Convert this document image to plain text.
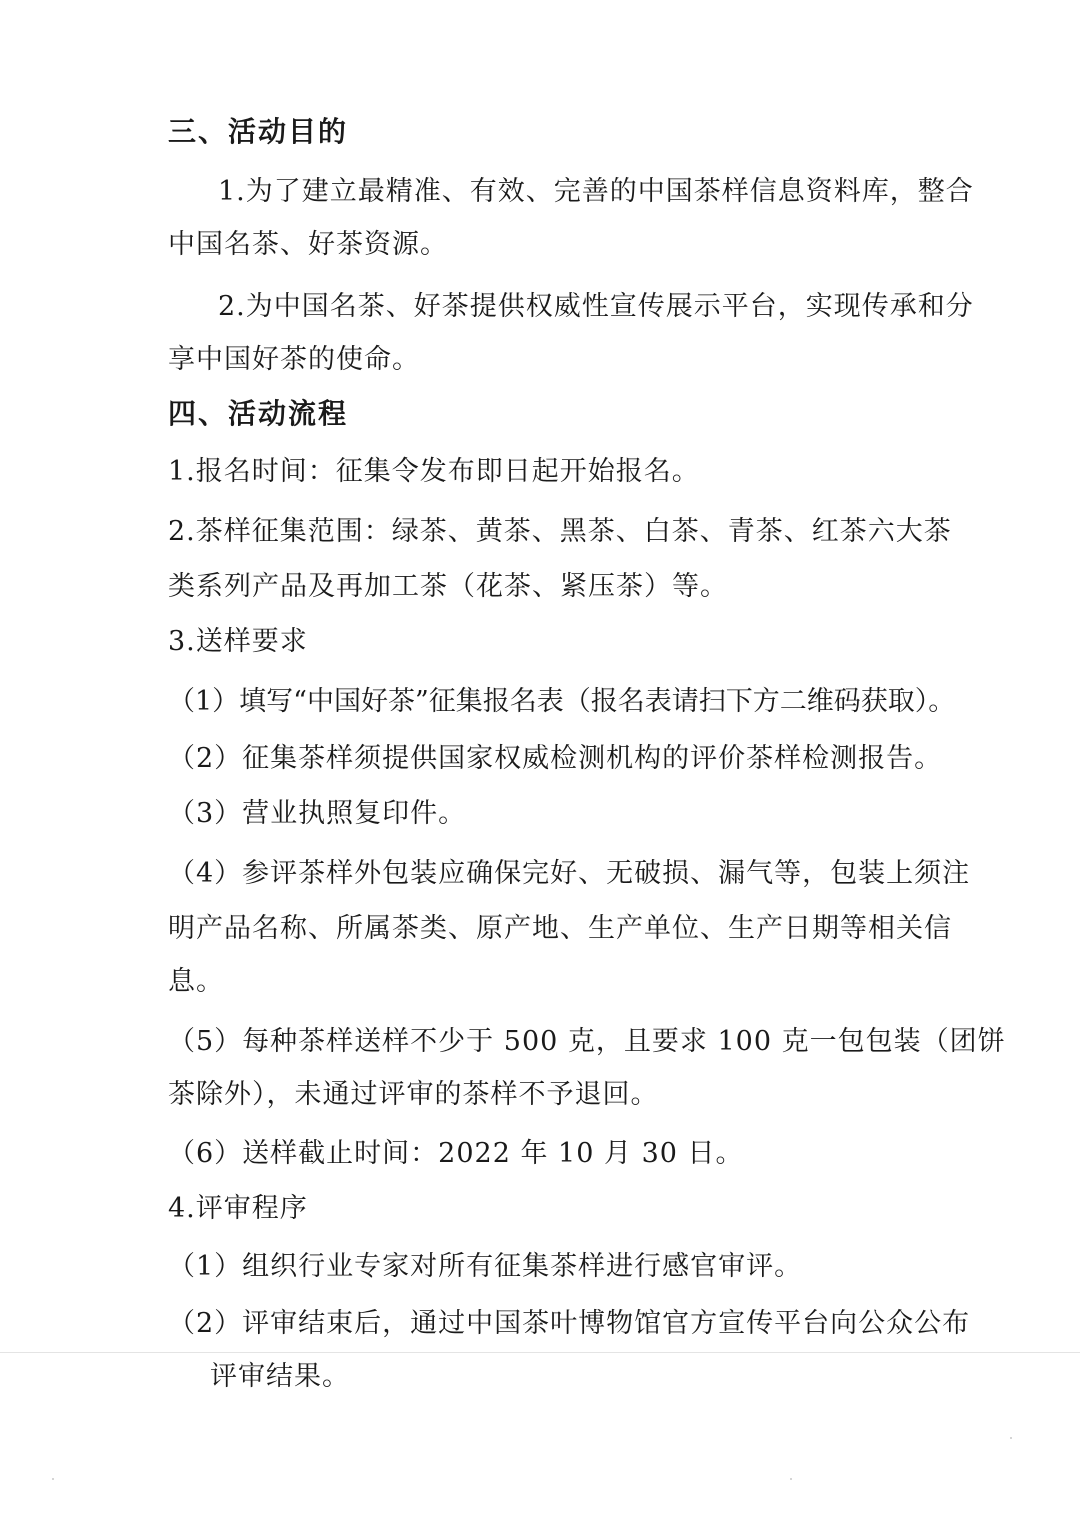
三、活动目的
1.为了建立最精准、有效、完善的中国茶样信息资料库，整合
中国名茶、好茶资源。
2.为中国名茶、好茶提供权威性宣传展示平台，实现传承和分
享中国好茶的使命。
四、活动流程
1.报名时间：征集令发布即日起开始报名。
2.茶样征集范围：绿茶、黄茶、黑茶、白茶、青茶、红茶六大茶
类系列产品及再加工茶（花茶、紧压茶）等。
3.送样要求
（1）填写“中国好茶”征集报名表（报名表请扫下方二维码获取）。
（2）征集茶样须提供国家权威检测机构的评价茶样检测报告。
（3）营业执照复印件。
（4）参评茶样外包装应确保完好、无破损、漏气等，包装上须注
明产品名称、所属茶类、原产地、生产单位、生产日期等相关信
息。
（5）每种茶样送样不少于 500 克，且要求 100 克一包包装（团饼
茶除外），未通过评审的茶样不予退回。
（6）送样截止时间：2022 年 10 月 30 日。
4.评审程序
（1）组织行业专家对所有征集茶样进行感官审评。
（2）评审结束后，通过中国茶叶博物馆官方宣传平台向公众公布
评审结果。
